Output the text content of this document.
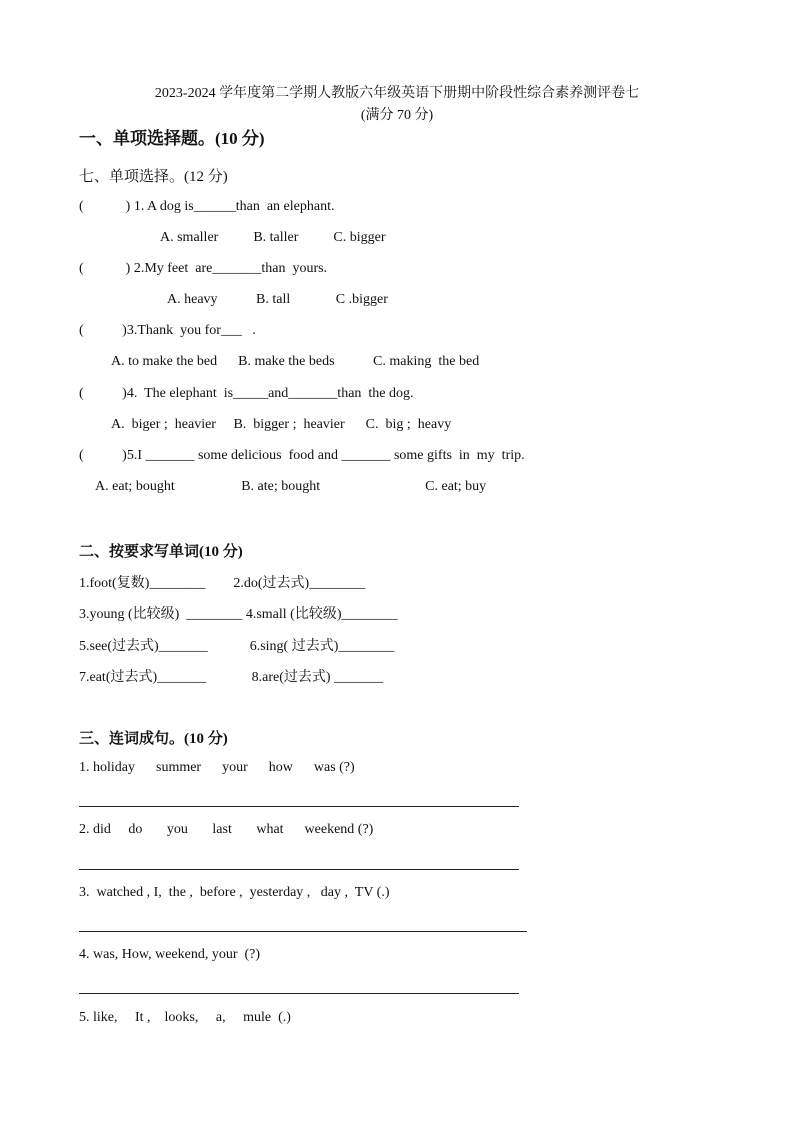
2023-2024 学年度第二学期人教版六年级英语下册期中阶段性综合素养测评卷七
(满分 70 分)
一、单项选择题。(10 分)
七、单项选择。(12 分)
(            ) 1. A dog is______than  an elephant.
A. smaller          B. taller          C. bigger
(            ) 2.My feet  are_______than  yours.
A. heavy           B. tall             C .bigger
(           )3.Thank  you for___   .
A. to make the bed      B. make the beds           C. making  the bed
(           )4.  The elephant  is_____and_______than  the dog.
A.  biger ;  heavier     B.  bigger ;  heavier      C.  big ;  heavy
(           )5.I _______ some delicious  food and _______ some gifts  in  my  trip.
A. eat; bought                   B. ate; bought                              C. eat; buy
二、按要求写单词(10 分)
1.foot(复数)________        2.do(过去式)________
3.young (比较级)  ________ 4.small (比较级)________
5.see(过去式)_______            6.sing( 过去式)________
7.eat(过去式)_______             8.are(过去式) _______
三、连词成句。(10 分)
1. holiday      summer      your      how      was (?)
2. did     do       you       last       what      weekend (?)
3.  watched , I,  the ,  before ,  yesterday ,   day ,  TV (.)
4. was, How, weekend, your  (?)
5. like,     It ,    looks,     a,     mule  (.)
